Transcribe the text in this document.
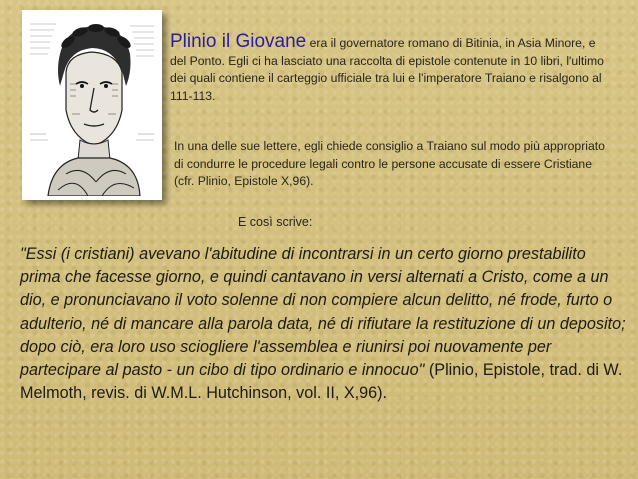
Plinio il Giovane era il governatore romano di Bitinia, in Asia Minore, e del Ponto. Egli ci ha lasciato una raccolta di epistole contenute in 10 libri, l'ultimo dei quali contiene il carteggio ufficiale tra lui e l'imperatore Traiano e risalgono al 111-113.
In una delle sue lettere, egli chiede consiglio a Traiano sul modo più appropriato di condurre le procedure legali contro le persone accusate di essere Cristiane (cfr. Plinio, Epistole X,96).
E così scrive:
"Essi (i cristiani) avevano l'abitudine di incontrarsi in un certo giorno prestabilito prima che facesse giorno, e quindi cantavano in versi alternati a Cristo, come a un dio, e pronunciavano il voto solenne di non compiere alcun delitto, né frode, furto o adulterio, né di mancare alla parola data, né di rifiutare la restituzione di un deposito; dopo ciò, era loro uso sciogliere l'assemblea e riunirsi poi nuovamente per partecipare al pasto - un cibo di tipo ordinario e innocuo" (Plinio, Epistole, trad. di W. Melmoth, revis. di W.M.L. Hutchinson, vol. II, X,96).
